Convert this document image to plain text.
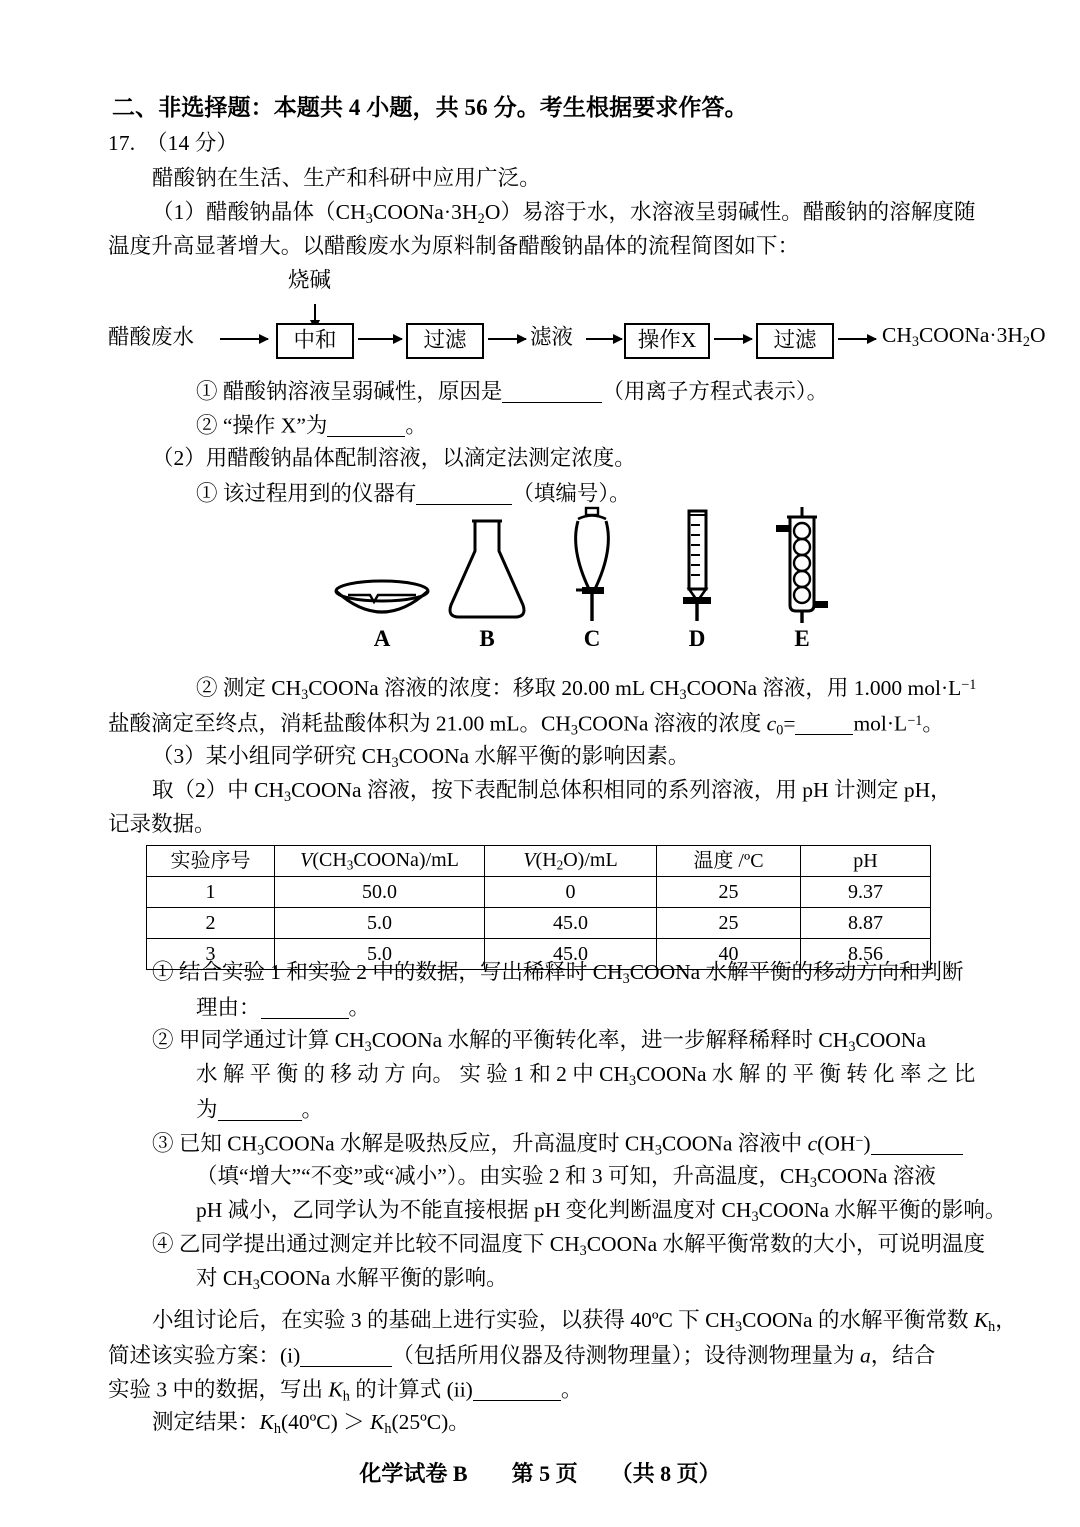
二、非选择题：本题共 4 小题，共 56 分。考生根据要求作答。
17.　（14 分）
醋酸钠在生活、生产和科研中应用广泛。
（1）醋酸钠晶体$(CH_3COONa\cdot 3H_2O)$易溶于水，水溶液呈弱碱性。醋酸钠的溶解度随
温度升高显著增大。以醋酸废水为原料制备醋酸钠晶体的流程简图如下：
烧碱
醋酸废水	中和	过滤	滤液	操作X	过滤	$CH_3COONa\cdot 3H_2O$
① 醋酸钠溶液呈弱碱性，原因是	（用离子方程式表示）。
② “操作 X”为	。
（2）用醋酸钠晶体配制溶液，以滴定法测定浓度。
① 该过程用到的仪器有	（填编号）。
A	B	C	D	E
② 测定 $CH_3COONa$ 溶液的浓度：移取 20.00 mL $CH_3COONa$ 溶液，用 1.000 $mol\cdot L^{-1}$
盐酸滴定至终点，消耗盐酸体积为 21.00 mL。$CH_3COONa$ 溶液的浓度 $c_0=$	$mol\cdot L^{-1}$。
（3）某小组同学研究 $CH_3COONa$ 水解平衡的影响因素。
取（2）中 $CH_3COONa$ 溶液，按下表配制总体积相同的系列溶液，用 pH 计测定 pH，
记录数据。
实验序号	$V(CH_3COONa)/mL$	$V(H_2O)/mL$	温度 /ºC	pH
1	50.0	0	25	9.37
2	5.0	45.0	25	8.87
3	5.0	45.0	40	8.56
① 结合实验 1 和实验 2 中的数据，写出稀释时 $CH_3COONa$ 水解平衡的移动方向和判断
理由：	。
② 甲同学通过计算 $CH_3COONa$ 水解的平衡转化率，进一步解释稀释时 $CH_3COONa$
水 解 平 衡 的 移 动 方 向。 实 验 1 和 2 中 $CH_3COONa$ 水 解 的 平 衡 转 化 率 之 比
为	。
③ 已知 $CH_3COONa$ 水解是吸热反应，升高温度时 $CH_3COONa$ 溶液中 c(OH−)
（填“增大”“不变”或“减小”）。由实验 2 和 3 可知，升高温度，$CH_3COONa$ 溶液
pH 减小，乙同学认为不能直接根据 pH 变化判断温度对 $CH_3COONa$ 水解平衡的影响。
④ 乙同学提出通过测定并比较不同温度下 $CH_3COONa$ 水解平衡常数的大小，可说明温度
对 $CH_3COONa$ 水解平衡的影响。
小组讨论后，在实验 3 的基础上进行实验，以获得 40ºC 下 $CH_3COONa$ 的水解平衡常数 $K_h$，
简述该实验方案：(i)	（包括所用仪器及待测物理量）；设待测物理量为 a，结合
实验 3 中的数据，写出 $K_h$ 的计算式 (ii)	。
测定结果：$K_h(40ºC)$ ＞ $K_h(25ºC)$。
化学试卷 B　　第 5 页　　（共 8 页）
